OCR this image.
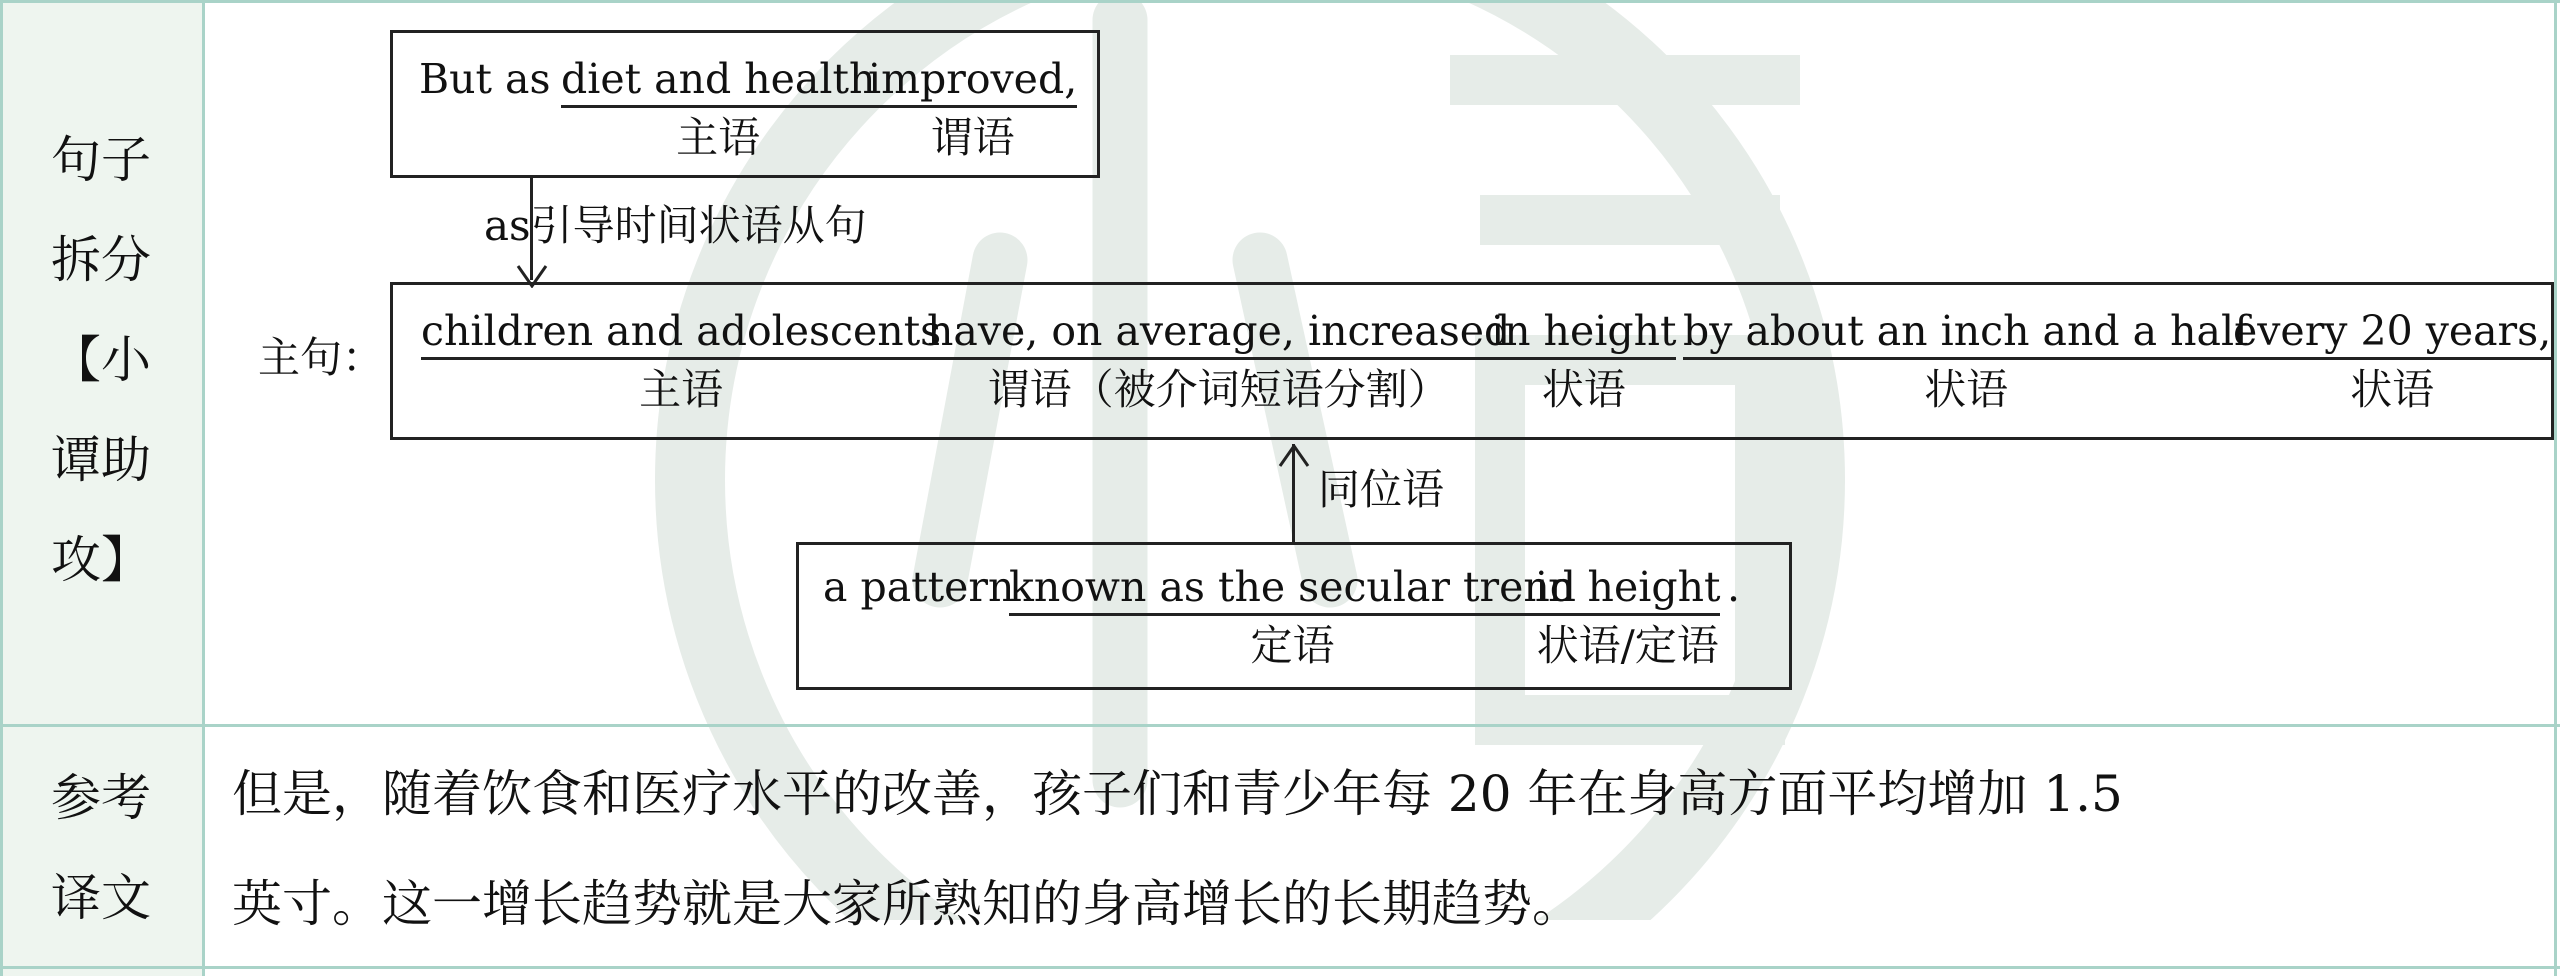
句子
拆分
【小
谭助
攻】
参考
译文
But as diet and health
主语
improved,
谓语
as引导时间状语从句
主句：
children and adolescents
主语
have, on average, increased
谓语（被介词短语分割）
in height
状语
by about an inch and a half
状语
every 20 years,
状语
同位语
a pattern
known as the secular trend
定语
in height
状语/定语
.
但是，随着饮食和医疗水平的改善，孩子们和青少年每 20 年在身高方面平均增加 1.5
英寸。这一增长趋势就是大家所熟知的身高增长的长期趋势。
